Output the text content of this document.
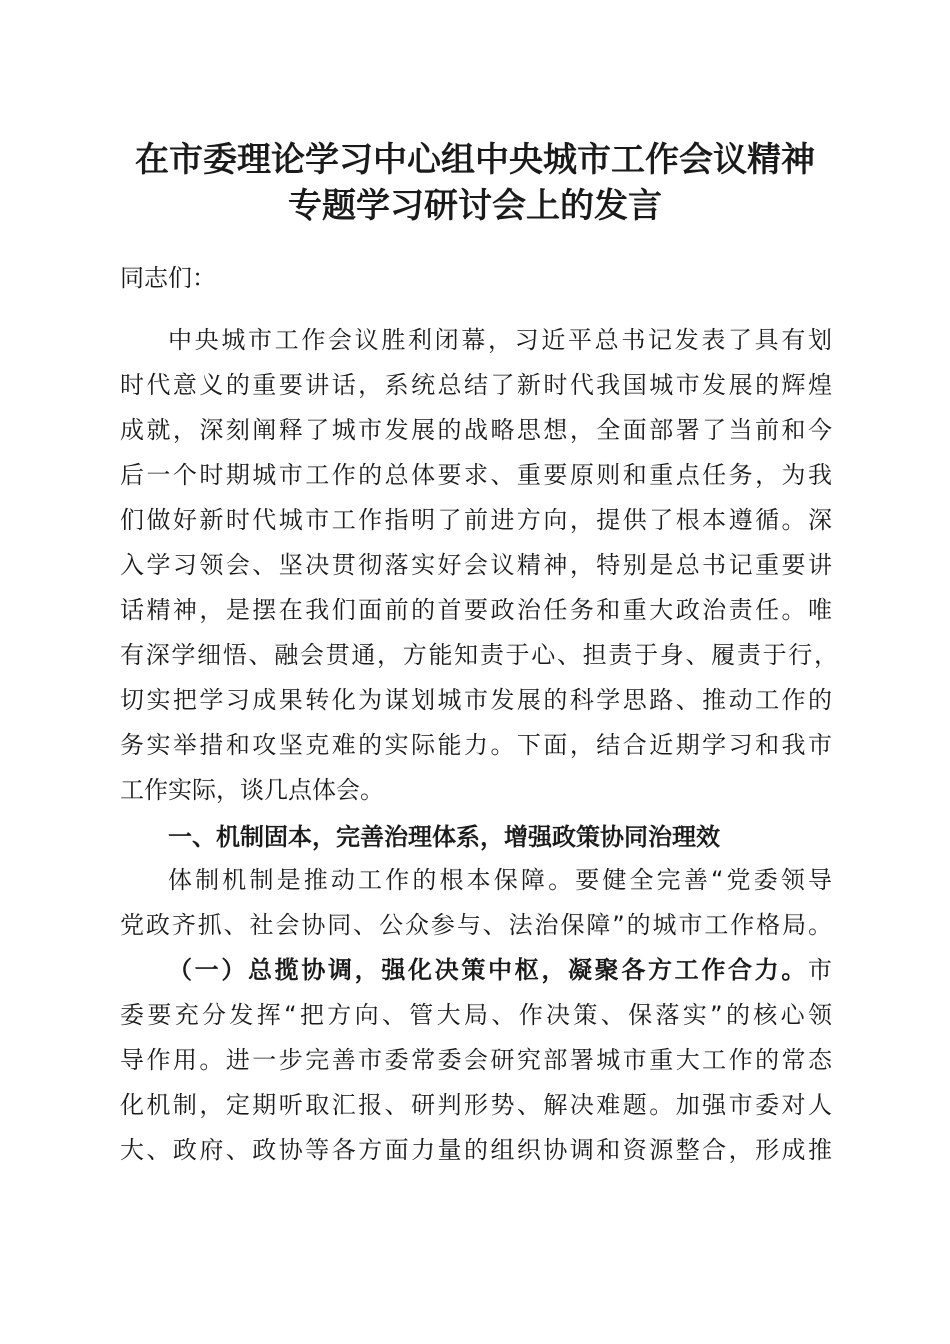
在市委理论学习中心组中央城市工作会议精神
专题学习研讨会上的发言
同志们：
中央城市工作会议胜利闭幕，习近平总书记发表了具有划
时代意义的重要讲话，系统总结了新时代我国城市发展的辉煌
成就，深刻阐释了城市发展的战略思想，全面部署了当前和今
后一个时期城市工作的总体要求、重要原则和重点任务，为我
们做好新时代城市工作指明了前进方向，提供了根本遵循。深
入学习领会、坚决贯彻落实好会议精神，特别是总书记重要讲
话精神，是摆在我们面前的首要政治任务和重大政治责任。唯
有深学细悟、融会贯通，方能知责于心、担责于身、履责于行，
切实把学习成果转化为谋划城市发展的科学思路、推动工作的
务实举措和攻坚克难的实际能力。下面，结合近期学习和我市
工作实际，谈几点体会。
一、机制固本，完善治理体系，增强政策协同治理效
体制机制是推动工作的根本保障。要健全完善“党委领导
党政齐抓、社会协同、公众参与、法治保障”的城市工作格局。
（一）总揽协调，强化决策中枢，凝聚各方工作合力。市
委要充分发挥“把方向、管大局、作决策、保落实”的核心领
导作用。进一步完善市委常委会研究部署城市重大工作的常态
化机制，定期听取汇报、研判形势、解决难题。加强市委对人
大、政府、政协等各方面力量的组织协调和资源整合，形成推
